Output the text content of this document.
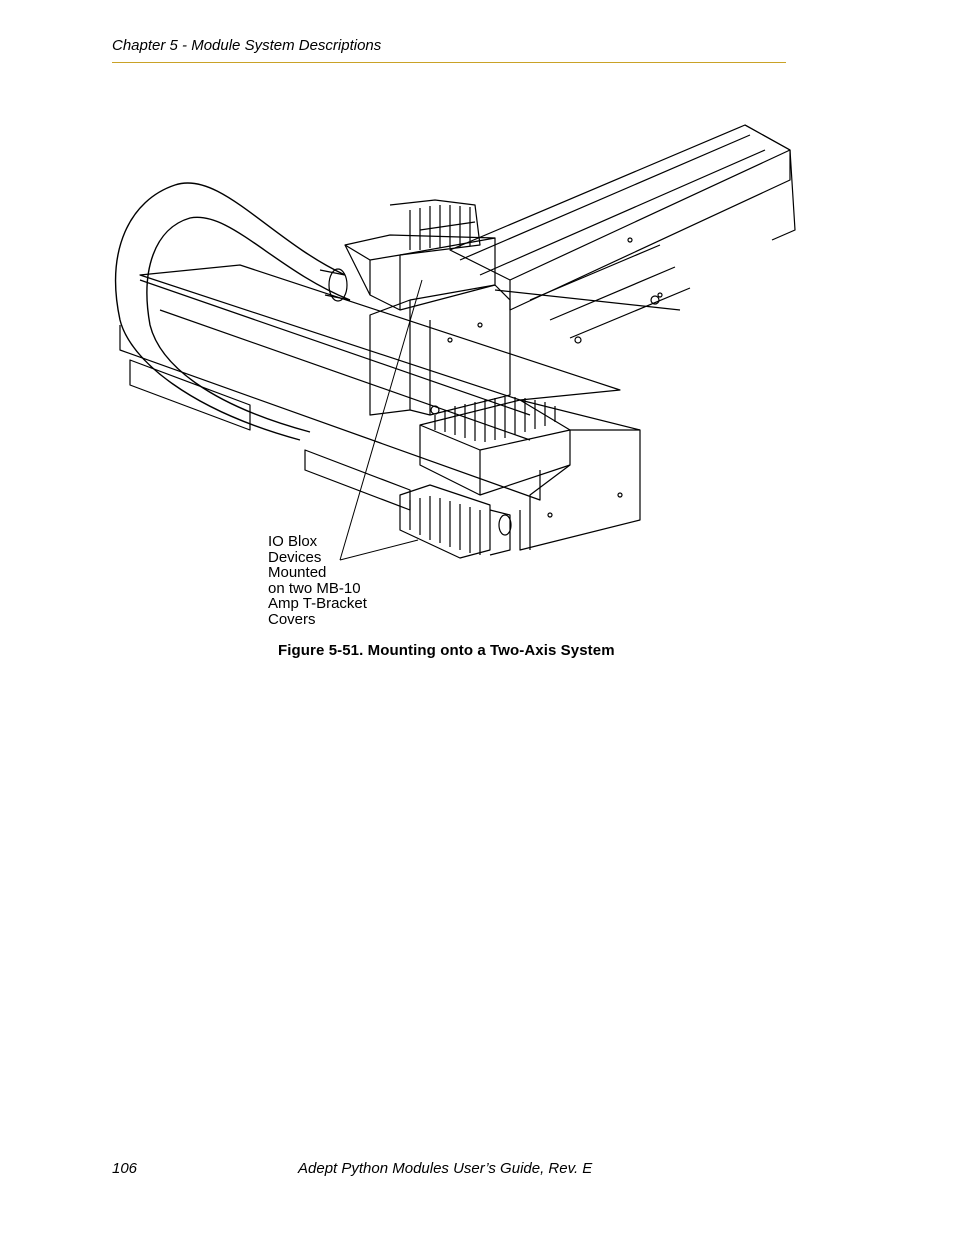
Chapter 5 - Module System Descriptions
IO Blox
Devices
Mounted
on two MB-10
Amp T-Bracket
Covers
Figure 5-51. Mounting onto a Two-Axis System
106	Adept Python Modules User’s Guide, Rev. E
